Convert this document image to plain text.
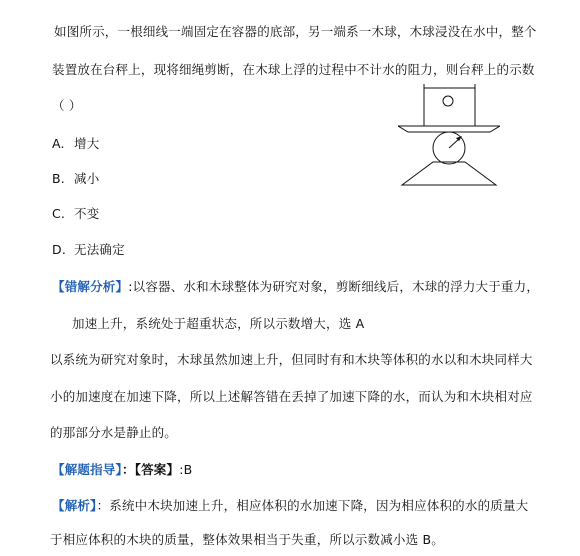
如图所示，一根细线一端固定在容器的底部，另一端系一木球，木球浸没在水中，整个
装置放在台秤上，现将细绳剪断，在木球上浮的过程中不计水的阻力，则台秤上的示数
（ ）
A. 增大
B. 减小
C. 不变
D. 无法确定
【错解分析】:以容器、水和木球整体为研究对象，剪断细线后，木球的浮力大于重力，
加速上升，系统处于超重状态，所以示数增大，选 A
以系统为研究对象时，木球虽然加速上升，但同时有和木块等体积的水以和木块同样大
小的加速度在加速下降，所以上述解答错在丢掉了加速下降的水，而认为和木块相对应
的那部分水是静止的。
【解题指导】：【答案】:B
【解析】：系统中木块加速上升，相应体积的水加速下降，因为相应体积的水的质量大
于相应体积的木块的质量，整体效果相当于失重，所以示数减小选 B。
